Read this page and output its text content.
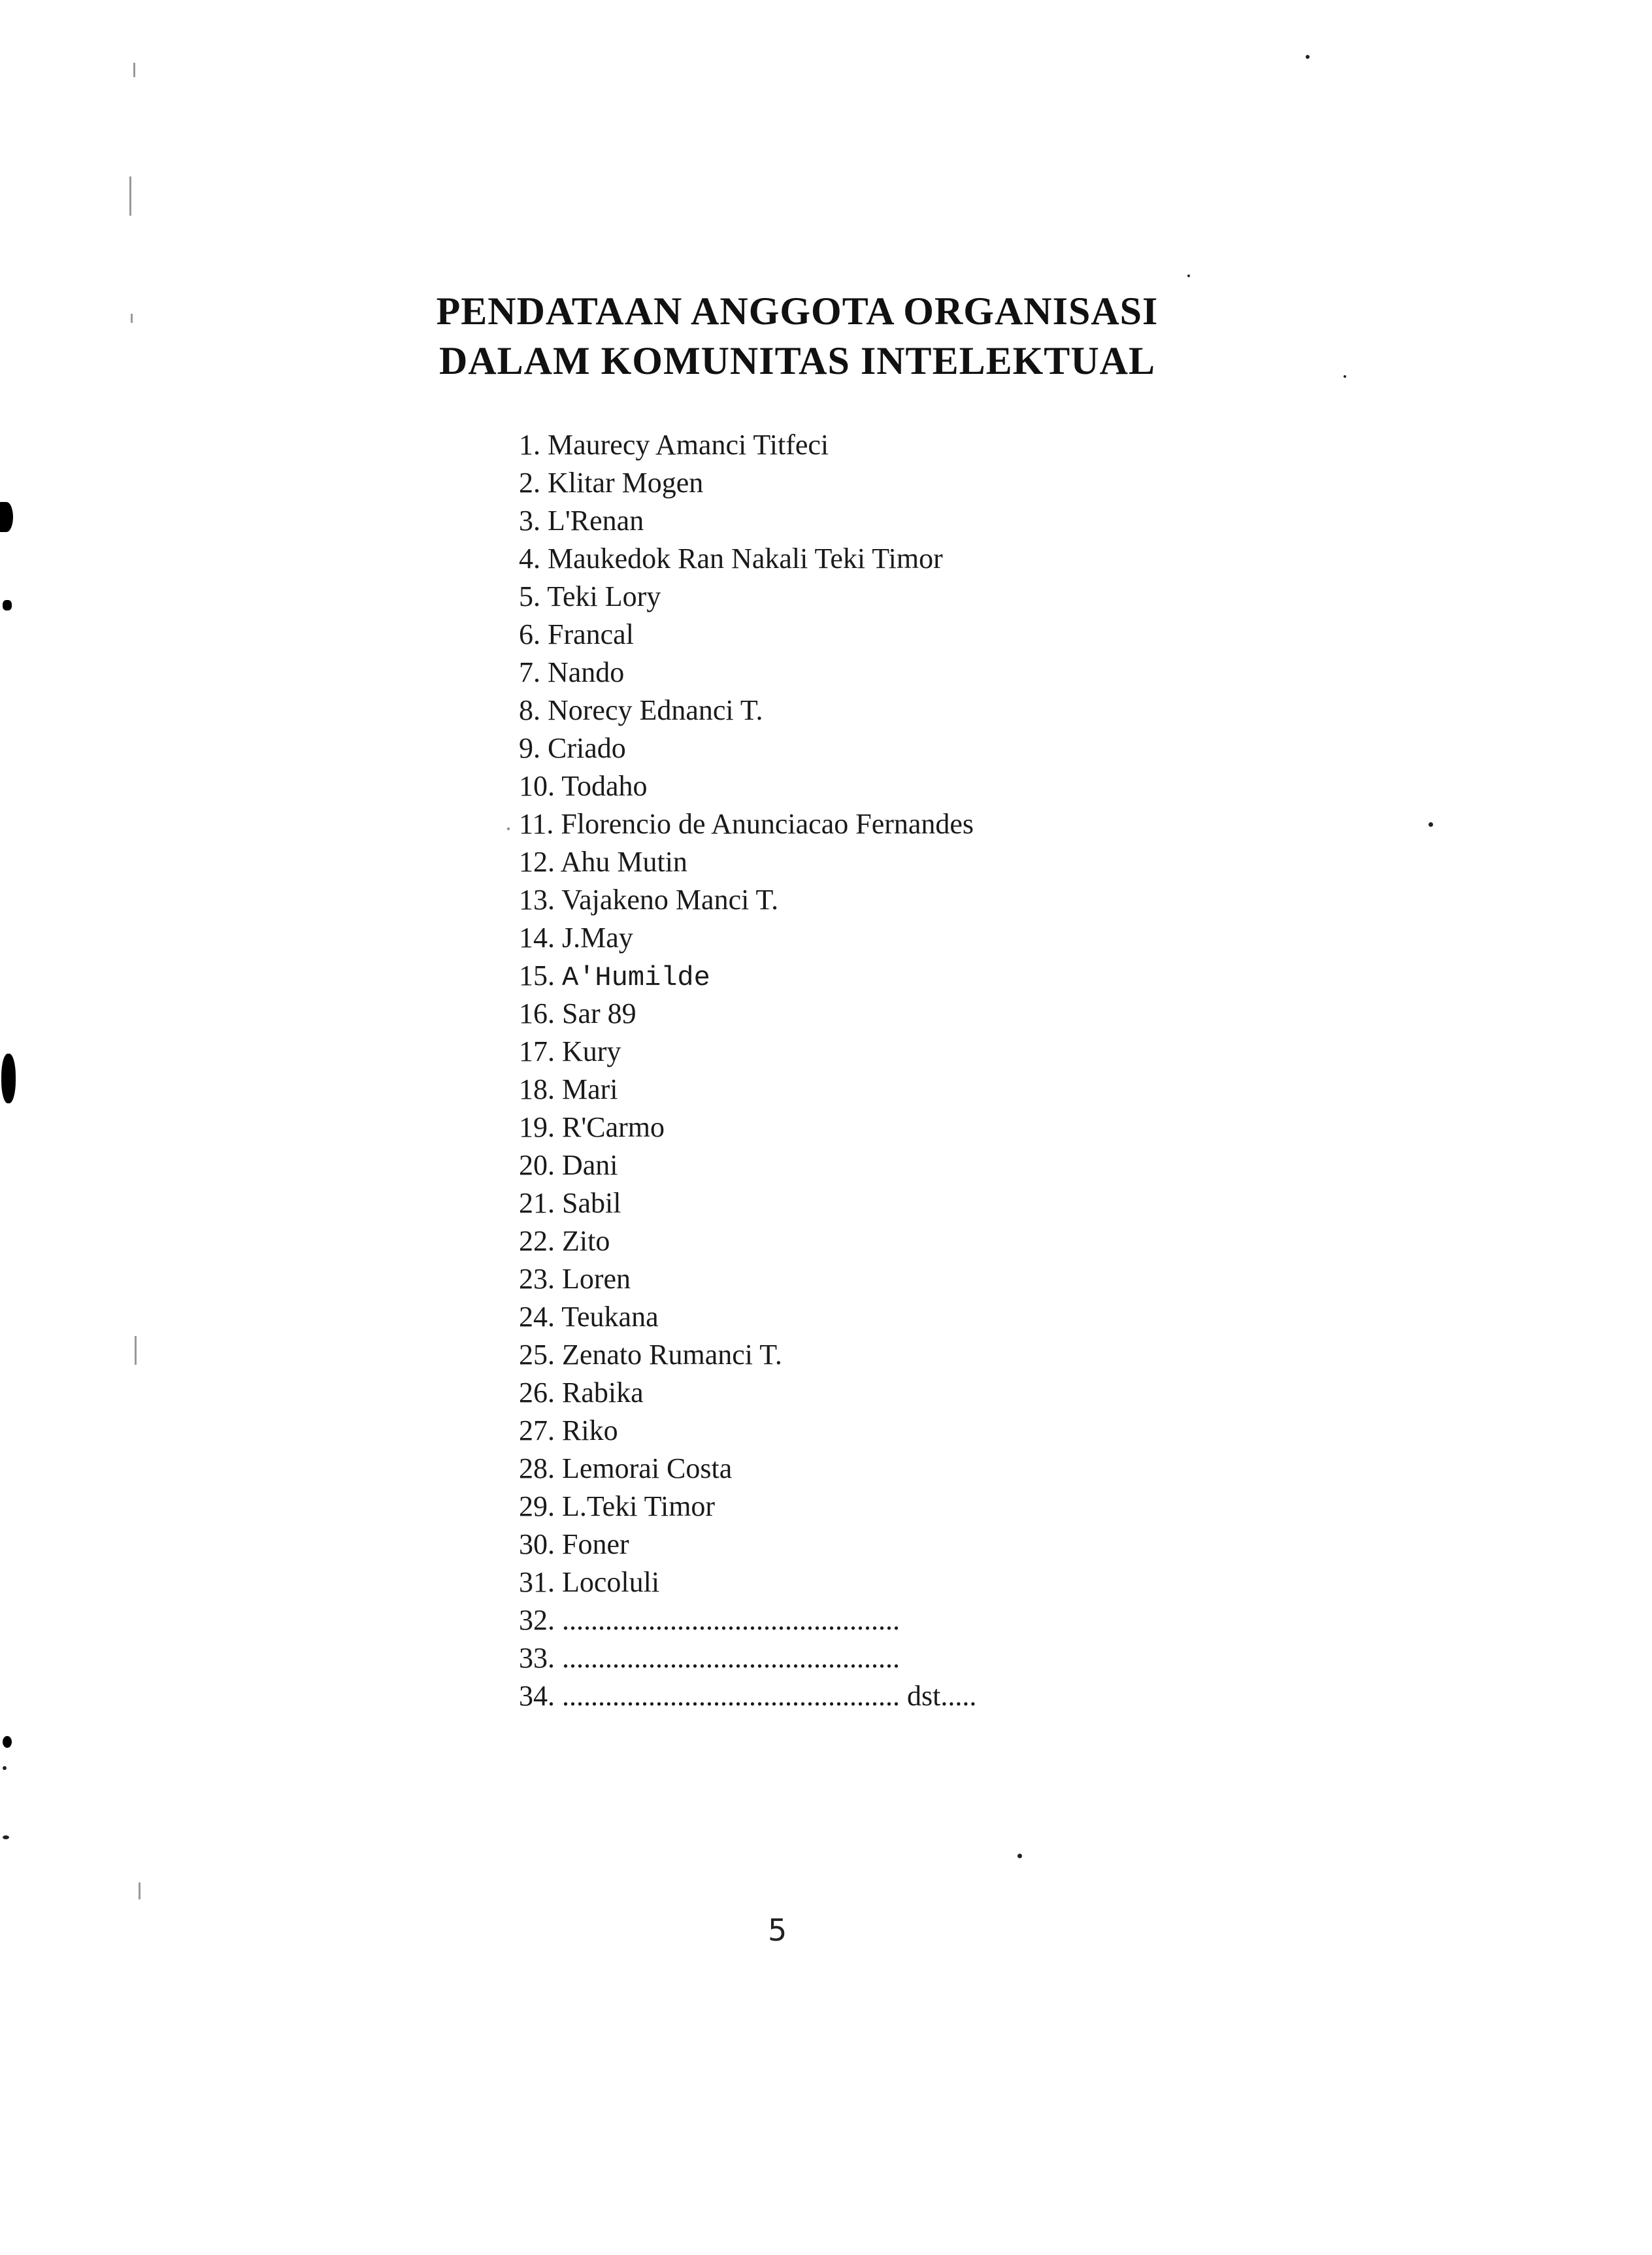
PENDATAAN ANGGOTA ORGANISASI
DALAM KOMUNITAS INTELEKTUAL
1. Maurecy Amanci Titfeci
2. Klitar Mogen
3. L'Renan
4. Maukedok Ran Nakali Teki Timor
5. Teki Lory
6. Francal
7. Nando
8. Norecy Ednanci T.
9. Criado
10. Todaho
11. Florencio de Anunciacao Fernandes
12. Ahu Mutin
13. Vajakeno Manci T.
14. J.May
15. A'Humilde
16. Sar 89
17. Kury
18. Mari
19. R'Carmo
20. Dani
21. Sabil
22. Zito
23. Loren
24. Teukana
25. Zenato Rumanci T.
26. Rabika
27. Riko
28. Lemorai Costa
29. L.Teki Timor
30. Foner
31. Locoluli
32. ...............................................
33. ...............................................
34. ............................................... dst.....
5
